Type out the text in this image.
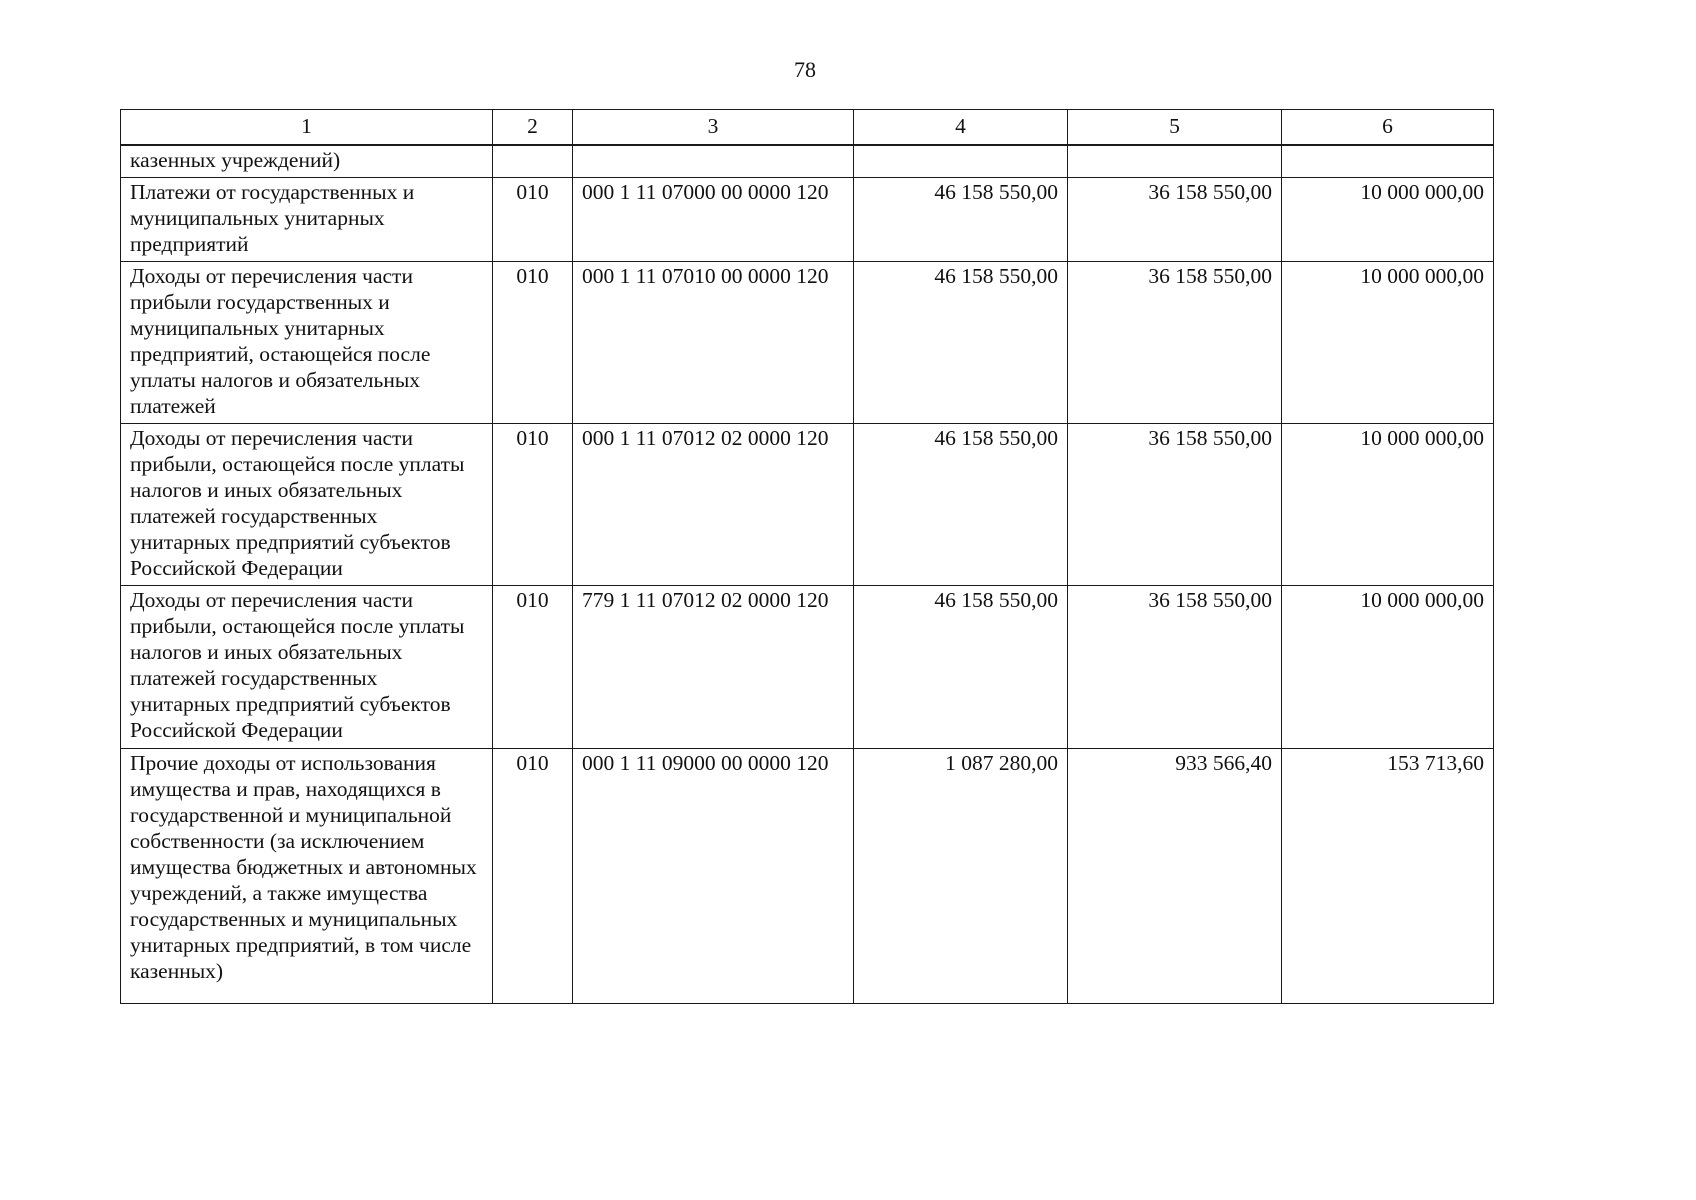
78
1	2	3	4	5	6
казенных учреждений)					
Платежи от государственных и муниципальных унитарных предприятий	010	000 1 11 07000 00 0000 120	46 158 550,00	36 158 550,00	10 000 000,00
Доходы от перечисления части прибыли государственных и муниципальных унитарных предприятий, остающейся после уплаты налогов и обязательных платежей	010	000 1 11 07010 00 0000 120	46 158 550,00	36 158 550,00	10 000 000,00
Доходы от перечисления части прибыли, остающейся после уплаты налогов и иных обязательных платежей государственных унитарных предприятий субъектов Российской Федерации	010	000 1 11 07012 02 0000 120	46 158 550,00	36 158 550,00	10 000 000,00
Доходы от перечисления части прибыли, остающейся после уплаты налогов и иных обязательных платежей государственных унитарных предприятий субъектов Российской Федерации	010	779 1 11 07012 02 0000 120	46 158 550,00	36 158 550,00	10 000 000,00
Прочие доходы от использования имущества и прав, находящихся в государственной и муниципальной собственности (за исключением имущества бюджетных и автономных учреждений, а также имущества государственных и муниципальных унитарных предприятий, в том числе казенных)	010	000 1 11 09000 00 0000 120	1 087 280,00	933 566,40	153 713,60
